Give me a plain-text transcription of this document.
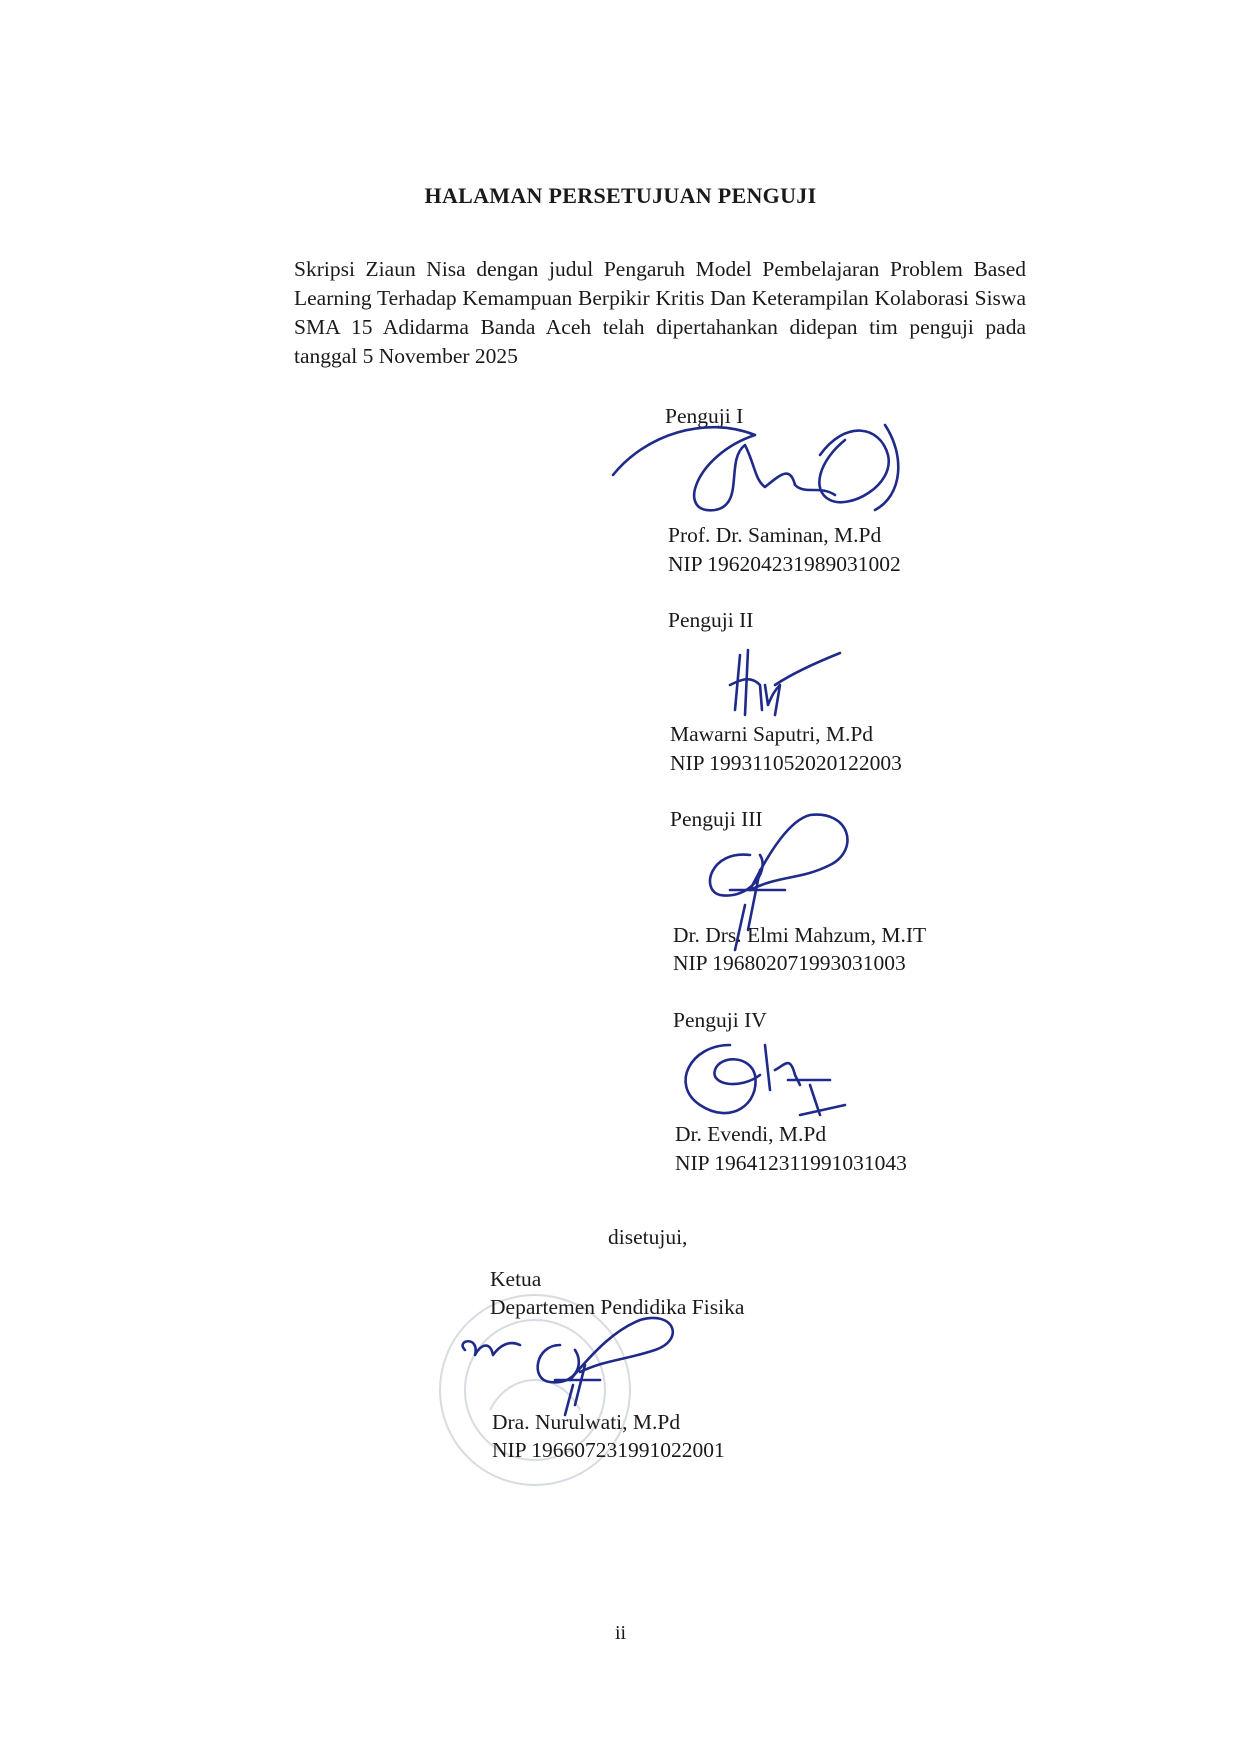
HALAMAN PERSETUJUAN PENGUJI
Skripsi Ziaun Nisa dengan judul Pengaruh Model Pembelajaran Problem Based
Learning Terhadap Kemampuan Berpikir Kritis Dan Keterampilan Kolaborasi Siswa
SMA 15 Adidarma Banda Aceh telah dipertahankan didepan tim penguji pada
tanggal 5 November 2025
Penguji I
Prof. Dr. Saminan, M.Pd
NIP 196204231989031002
Penguji II
Mawarni Saputri, M.Pd
NIP 199311052020122003
Penguji III
Dr. Drs. Elmi Mahzum, M.IT
NIP 196802071993031003
Penguji IV
Dr. Evendi, M.Pd
NIP 196412311991031043
disetujui,
Ketua
Departemen Pendidika Fisika
Dra. Nurulwati, M.Pd
NIP 196607231991022001
ii
